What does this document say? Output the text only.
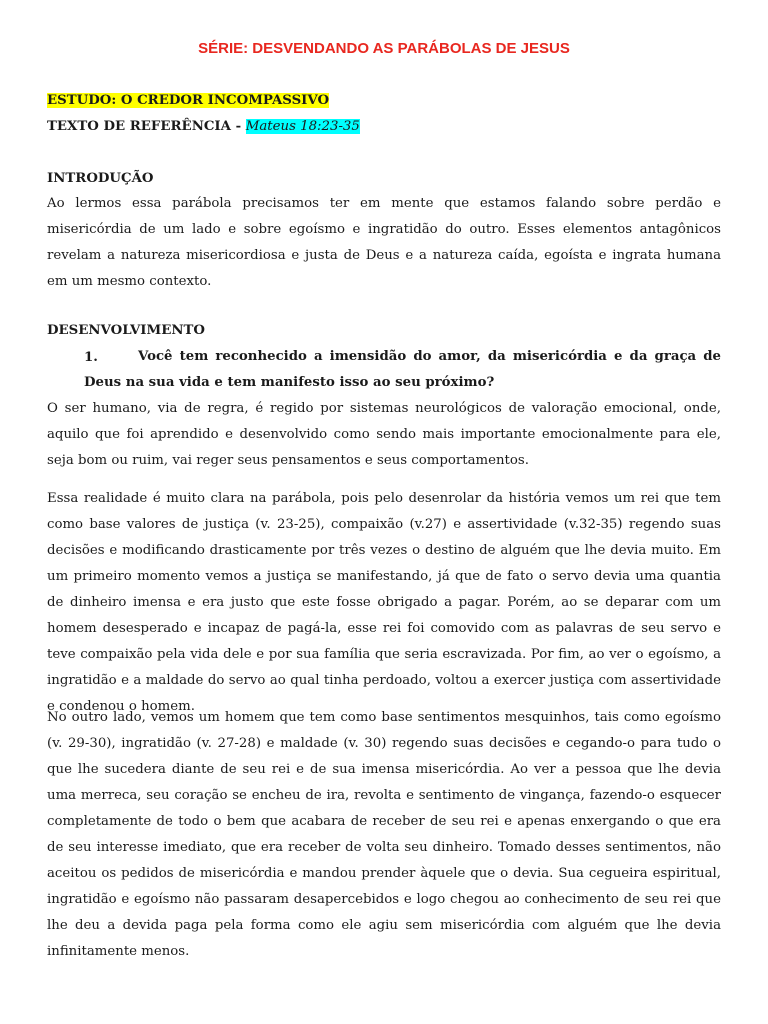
SÉRIE: DESVENDANDO AS PARÁBOLAS DE JESUS
ESTUDO: O CREDOR INCOMPASSIVO
TEXTO DE REFERÊNCIA - Mateus 18:23-35
INTRODUÇÃO

Ao lermos essa parábola precisamos ter em mente que estamos falando sobre perdão e misericórdia de um lado e sobre egoísmo e ingratidão do outro. Esses elementos antagônicos revelam a natureza misericordiosa e justa de Deus e a natureza caída, egoísta e ingrata humana em um mesmo contexto.

DESENVOLVIMENTO
1.	Você tem reconhecido a imensidão do amor, da misericórdia e da graça de Deus na sua vida e tem manifesto isso ao seu próximo?

O ser humano, via de regra, é regido por sistemas neurológicos de valoração emocional, onde, aquilo que foi aprendido e desenvolvido como sendo mais importante emocionalmente para ele, seja bom ou ruim, vai reger seus pensamentos e seus comportamentos.

Essa realidade é muito clara na parábola, pois pelo desenrolar da história vemos um rei que tem como base valores de justiça (v. 23-25), compaixão (v.27) e assertividade (v.32-35) regendo suas decisões e modificando drasticamente por três vezes o destino de alguém que lhe devia muito. Em um primeiro momento vemos a justiça se manifestando, já que de fato o servo devia uma quantia de dinheiro imensa e era justo que este fosse obrigado a pagar. Porém, ao se deparar com um homem desesperado e incapaz de pagá-la, esse rei foi comovido com as palavras de seu servo e teve compaixão pela vida dele e por sua família que seria escravizada. Por fim, ao ver o egoísmo, a ingratidão e a maldade do servo ao qual tinha perdoado, voltou a exercer justiça com assertividade e condenou o homem.

No outro lado, vemos um homem que tem como base sentimentos mesquinhos, tais como egoísmo (v. 29-30), ingratidão (v. 27-28) e maldade (v. 30) regendo suas decisões e cegando-o para tudo o que lhe sucedera diante de seu rei e de sua imensa misericórdia. Ao ver a pessoa que lhe devia uma merreca, seu coração se encheu de ira, revolta e sentimento de vingança, fazendo-o esquecer completamente de todo o bem que acabara de receber de seu rei e apenas enxergando o que era de seu interesse imediato, que era receber de volta seu dinheiro. Tomado desses sentimentos, não aceitou os pedidos de misericórdia e mandou prender àquele que o devia. Sua cegueira espiritual, ingratidão e egoísmo não passaram desapercebidos e logo chegou ao conhecimento de seu rei que lhe deu a devida paga pela forma como ele agiu sem misericórdia com alguém que lhe devia infinitamente menos.
